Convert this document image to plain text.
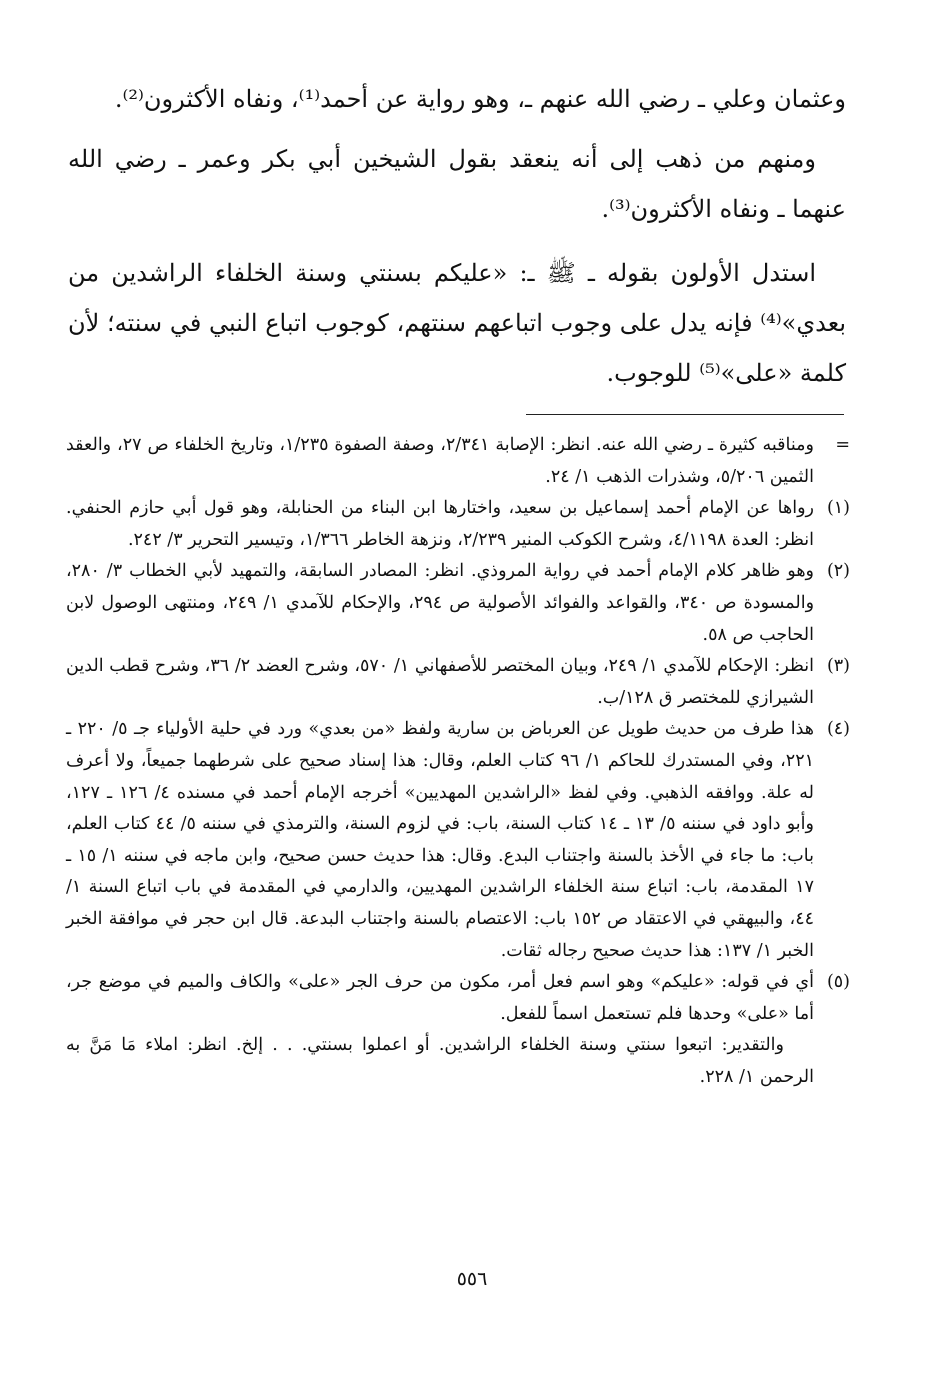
وعثمان وعلي ـ رضي الله عنهم ـ، وهو رواية عن أحمد⁽¹⁾، ونفاه الأكثرون⁽²⁾.

ومنهم من ذهب إلى أنه ينعقد بقول الشيخين أبي بكر وعمر ـ رضي الله عنهما ـ ونفاه الأكثرون⁽³⁾.

استدل الأولون بقوله ـ ﷺ ـ: «عليكم بسنتي وسنة الخلفاء الراشدين من بعدي»⁽⁴⁾ فإنه يدل على وجوب اتباعهم سنتهم، كوجوب اتباع النبي في سنته؛ لأن كلمة «على»⁽⁵⁾ للوجوب.

=
ومناقبه كثيرة ـ رضي الله عنه. انظر: الإصابة ٢/٣٤١، وصفة الصفوة ١/٢٣٥، وتاريخ الخلفاء ص ٢٧، والعقد الثمين ٥/٢٠٦، وشذرات الذهب ١/ ٢٤.
(١)
رواها عن الإمام أحمد إسماعيل بن سعيد، واختارها ابن البناء من الحنابلة، وهو قول أبي حازم الحنفي. انظر: العدة ٤/١١٩٨، وشرح الكوكب المنير ٢/٢٣٩، ونزهة الخاطر ١/٣٦٦، وتيسير التحرير ٣/ ٢٤٢.
(٢)
وهو ظاهر كلام الإمام أحمد في رواية المروذي. انظر: المصادر السابقة، والتمهيد لأبي الخطاب ٣/ ٢٨٠، والمسودة ص ٣٤٠، والقواعد والفوائد الأصولية ص ٢٩٤، والإحكام للآمدي ١/ ٢٤٩، ومنتهى الوصول لابن الحاجب ص ٥٨.
(٣)
انظر: الإحكام للآمدي ١/ ٢٤٩، وبيان المختصر للأصفهاني ١/ ٥٧٠، وشرح العضد ٢/ ٣٦، وشرح قطب الدين الشيرازي للمختصر ق ١٢٨/ب.
(٤)
هذا طرف من حديث طويل عن العرباض بن سارية ولفظ «من بعدي» ورد في حلية الأولياء جـ ٥/ ٢٢٠ ـ ٢٢١، وفي المستدرك للحاكم ١/ ٩٦ كتاب العلم، وقال: هذا إسناد صحيح على شرطهما جميعاً، ولا أعرف له علة. ووافقه الذهبي. وفي لفظ «الراشدين المهديين» أخرجه الإمام أحمد في مسنده ٤/ ١٢٦ ـ ١٢٧، وأبو داود في سننه ٥/ ١٣ ـ ١٤ كتاب السنة، باب: في لزوم السنة، والترمذي في سننه ٥/ ٤٤ كتاب العلم، باب: ما جاء في الأخذ بالسنة واجتناب البدع. وقال: هذا حديث حسن صحيح، وابن ماجه في سننه ١/ ١٥ ـ ١٧ المقدمة، باب: اتباع سنة الخلفاء الراشدين المهديين، والدارمي في المقدمة في باب اتباع السنة ١/ ٤٤، والبيهقي في الاعتقاد ص ١٥٢ باب: الاعتصام بالسنة واجتناب البدعة. قال ابن حجر في موافقة الخبر الخبر ١/ ١٣٧: هذا حديث صحيح رجاله ثقات.
(٥)

أي في قوله: «عليكم» وهو اسم فعل أمر، مكون من حرف الجر «على» والكاف والميم في موضع جر، أما «على» وحدها فلم تستعمل اسماً للفعل.

والتقدير: اتبعوا سنتي وسنة الخلفاء الراشدين. أو اعملوا بسنتي. . . إلخ. انظر: املاء مَا مَنَّ به الرحمن ١/ ٢٢٨.

٥٥٦
